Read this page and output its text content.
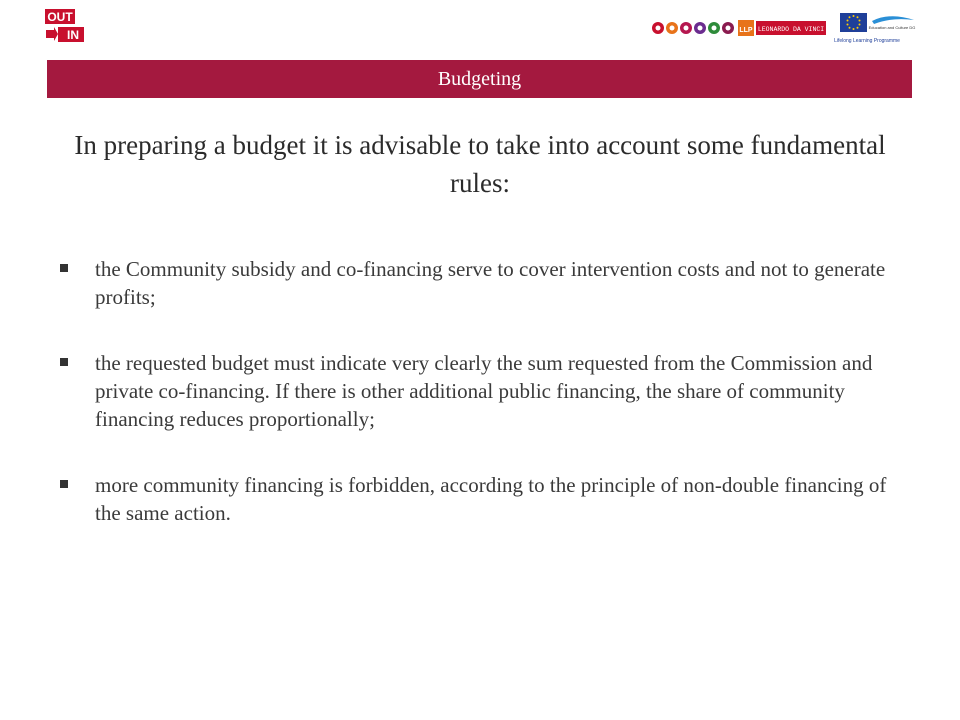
OUT
IN	LLP LEONARDO DA VINCI	Education and Culture DG
Lifelong Learning Programme
Budgeting
In preparing a budget it is advisable to take into account some fundamental rules:
the Community subsidy and co-financing serve to cover intervention costs and not to generate profits;
the requested budget must indicate very clearly the sum requested from the Commission and private co-financing. If there is other additional public financing, the share of community financing reduces proportionally;
more community financing is forbidden, according to the principle of non-double financing of the same action.
